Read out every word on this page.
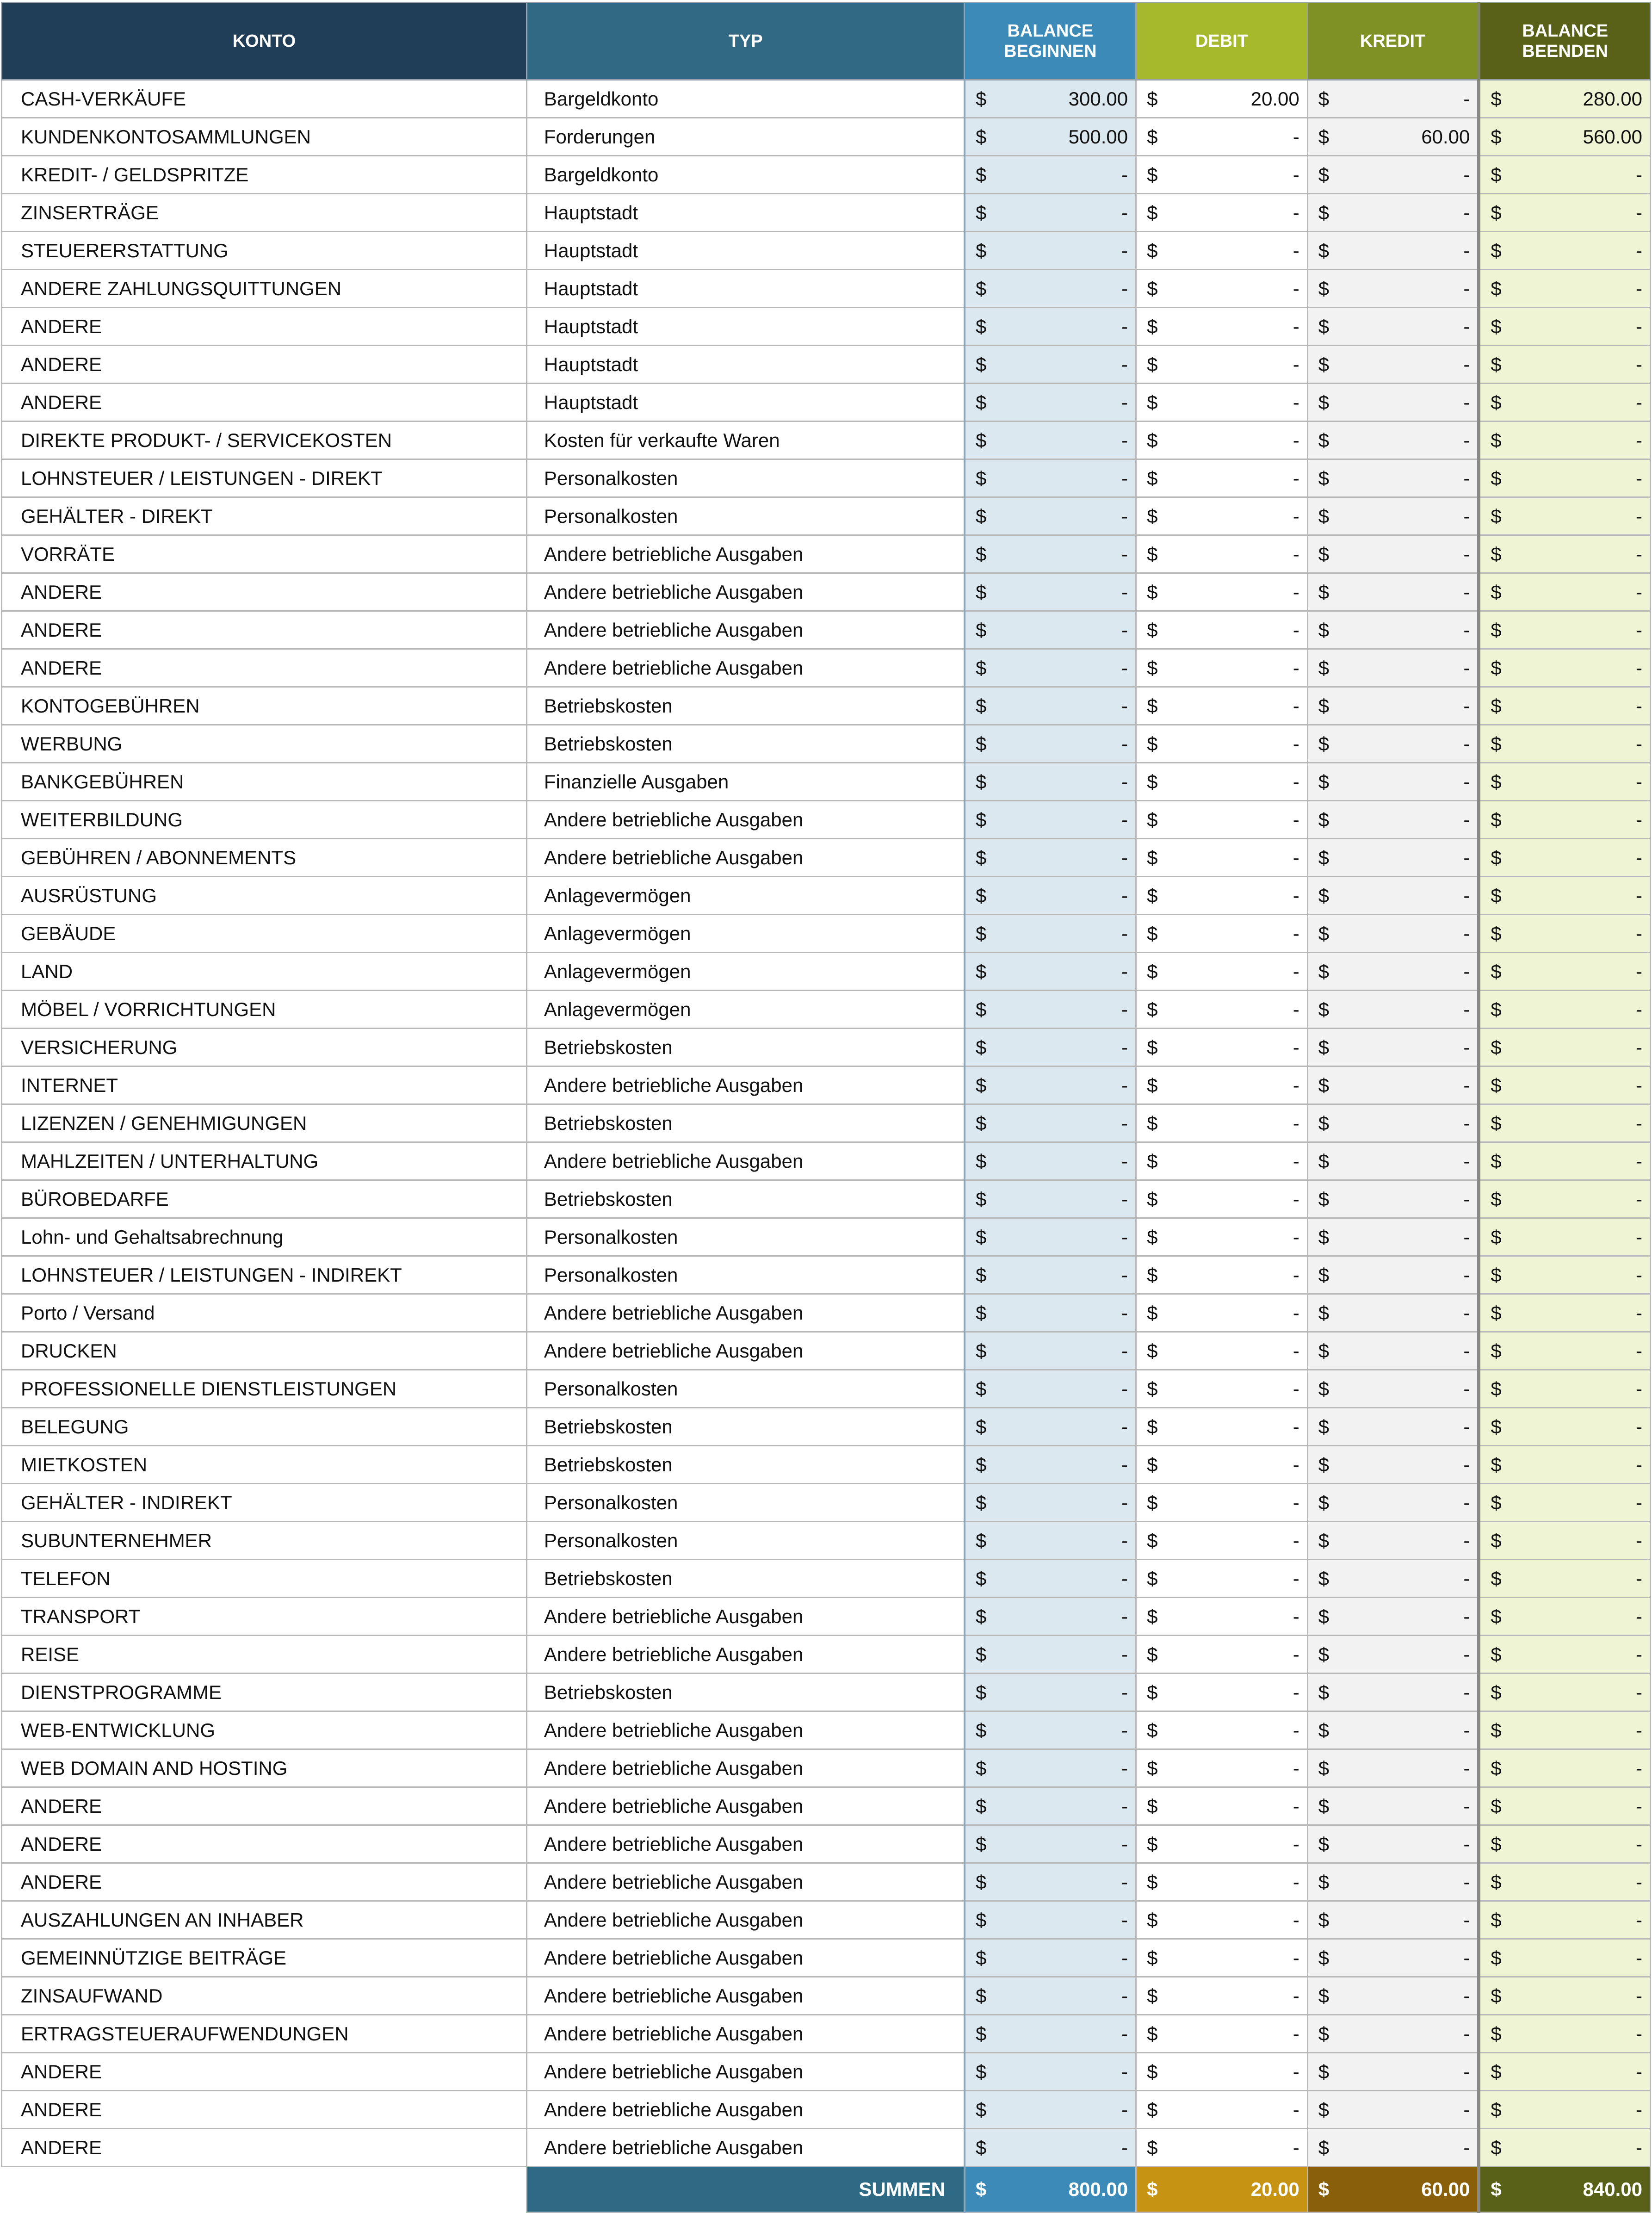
KONTO	TYP	BALANCE BEGINNEN	DEBIT	KREDIT	BALANCE BEENDEN
CASH-VERKÄUFE	Bargeldkonto	$ 300.00	$ 20.00	$ -	$ 280.00

KUNDENKONTOSAMMLUNGEN	Forderungen	$ 500.00	$ -	$ 60.00	$ 560.00

KREDIT- / GELDSPRITZE	Bargeldkonto	$ -	$ -	$ -	$ -

ZINSERTRÄGE	Hauptstadt	$ -	$ -	$ -	$ -

STEUERERSTATTUNG	Hauptstadt	$ -	$ -	$ -	$ -

ANDERE ZAHLUNGSQUITTUNGEN	Hauptstadt	$ -	$ -	$ -	$ -

ANDERE	Hauptstadt	$ -	$ -	$ -	$ -

ANDERE	Hauptstadt	$ -	$ -	$ -	$ -

ANDERE	Hauptstadt	$ -	$ -	$ -	$ -

DIREKTE PRODUKT- / SERVICEKOSTEN	Kosten für verkaufte Waren	$ -	$ -	$ -	$ -

LOHNSTEUER / LEISTUNGEN - DIREKT	Personalkosten	$ -	$ -	$ -	$ -

GEHÄLTER - DIREKT	Personalkosten	$ -	$ -	$ -	$ -

VORRÄTE	Andere betriebliche Ausgaben	$ -	$ -	$ -	$ -

ANDERE	Andere betriebliche Ausgaben	$ -	$ -	$ -	$ -

ANDERE	Andere betriebliche Ausgaben	$ -	$ -	$ -	$ -

ANDERE	Andere betriebliche Ausgaben	$ -	$ -	$ -	$ -

KONTOGEBÜHREN	Betriebskosten	$ -	$ -	$ -	$ -

WERBUNG	Betriebskosten	$ -	$ -	$ -	$ -

BANKGEBÜHREN	Finanzielle Ausgaben	$ -	$ -	$ -	$ -

WEITERBILDUNG	Andere betriebliche Ausgaben	$ -	$ -	$ -	$ -

GEBÜHREN / ABONNEMENTS	Andere betriebliche Ausgaben	$ -	$ -	$ -	$ -

AUSRÜSTUNG	Anlagevermögen	$ -	$ -	$ -	$ -

GEBÄUDE	Anlagevermögen	$ -	$ -	$ -	$ -

LAND	Anlagevermögen	$ -	$ -	$ -	$ -

MÖBEL / VORRICHTUNGEN	Anlagevermögen	$ -	$ -	$ -	$ -

VERSICHERUNG	Betriebskosten	$ -	$ -	$ -	$ -

INTERNET	Andere betriebliche Ausgaben	$ -	$ -	$ -	$ -

LIZENZEN / GENEHMIGUNGEN	Betriebskosten	$ -	$ -	$ -	$ -

MAHLZEITEN / UNTERHALTUNG	Andere betriebliche Ausgaben	$ -	$ -	$ -	$ -

BÜROBEDARFE	Betriebskosten	$ -	$ -	$ -	$ -

Lohn- und Gehaltsabrechnung	Personalkosten	$ -	$ -	$ -	$ -

LOHNSTEUER / LEISTUNGEN - INDIREKT	Personalkosten	$ -	$ -	$ -	$ -

Porto / Versand	Andere betriebliche Ausgaben	$ -	$ -	$ -	$ -

DRUCKEN	Andere betriebliche Ausgaben	$ -	$ -	$ -	$ -

PROFESSIONELLE DIENSTLEISTUNGEN	Personalkosten	$ -	$ -	$ -	$ -

BELEGUNG	Betriebskosten	$ -	$ -	$ -	$ -

MIETKOSTEN	Betriebskosten	$ -	$ -	$ -	$ -

GEHÄLTER - INDIREKT	Personalkosten	$ -	$ -	$ -	$ -

SUBUNTERNEHMER	Personalkosten	$ -	$ -	$ -	$ -

TELEFON	Betriebskosten	$ -	$ -	$ -	$ -

TRANSPORT	Andere betriebliche Ausgaben	$ -	$ -	$ -	$ -

REISE	Andere betriebliche Ausgaben	$ -	$ -	$ -	$ -

DIENSTPROGRAMME	Betriebskosten	$ -	$ -	$ -	$ -

WEB-ENTWICKLUNG	Andere betriebliche Ausgaben	$ -	$ -	$ -	$ -

WEB DOMAIN AND HOSTING	Andere betriebliche Ausgaben	$ -	$ -	$ -	$ -

ANDERE	Andere betriebliche Ausgaben	$ -	$ -	$ -	$ -

ANDERE	Andere betriebliche Ausgaben	$ -	$ -	$ -	$ -

ANDERE	Andere betriebliche Ausgaben	$ -	$ -	$ -	$ -

AUSZAHLUNGEN AN INHABER	Andere betriebliche Ausgaben	$ -	$ -	$ -	$ -

GEMEINNÜTZIGE BEITRÄGE	Andere betriebliche Ausgaben	$ -	$ -	$ -	$ -

ZINSAUFWAND	Andere betriebliche Ausgaben	$ -	$ -	$ -	$ -

ERTRAGSTEUERAUFWENDUNGEN	Andere betriebliche Ausgaben	$ -	$ -	$ -	$ -

ANDERE	Andere betriebliche Ausgaben	$ -	$ -	$ -	$ -

ANDERE	Andere betriebliche Ausgaben	$ -	$ -	$ -	$ -

ANDERE	Andere betriebliche Ausgaben	$ -	$ -	$ -	$ -

	SUMMEN	$ 800.00	$ 20.00	$ 60.00	$ 840.00
